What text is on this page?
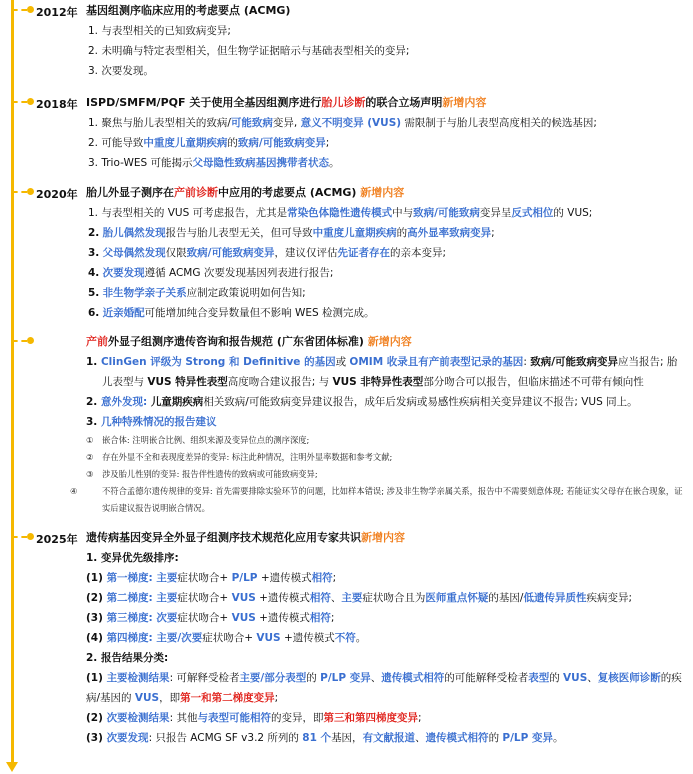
2012年
2018年
2020年
2025年
基因组测序临床应用的考虑要点 (ACMG)
1. 与表型相关的已知致病变异;
2. 未明确与特定表型相关，但生物学证据暗示与基础表型相关的变异;
3. 次要发现。
ISPD/SMFM/PQF 关于使用全基因组测序进行胎儿诊断的联合立场声明新增内容
1. 聚焦与胎儿表型相关的致病/可能致病变异, 意义不明变异 (VUS) 需限制于与胎儿表型高度相关的候选基因;
2. 可能导致中重度儿童期疾病的致病/可能致病变异;
3. Trio-WES 可能揭示父母隐性致病基因携带者状态。
胎儿外显子测序在产前诊断中应用的考虑要点 (ACMG) 新增内容
1. 与表型相关的 VUS 可考虑报告，尤其是常染色体隐性遗传模式中与致病/可能致病变异呈反式相位的 VUS;
2. 胎儿偶然发现报告与胎儿表型无关，但可导致中重度儿童期疾病的高外显率致病变异;
3. 父母偶然发现仅限致病/可能致病变异，建议仅评估先证者存在的亲本变异;
4. 次要发现遵循 ACMG 次要发现基因列表进行报告;
5. 非生物学亲子关系应制定政策说明如何告知;
6. 近亲婚配可能增加纯合变异数量但不影响 WES 检测完成。
产前外显子组测序遗传咨询和报告规范 (广东省团体标准) 新增内容
1. ClinGen 评级为 Strong 和 Definitive 的基因或 OMIM 收录且有产前表型记录的基因: 致病/可能致病变异应当报告; 胎儿表型与 VUS 特异性表型高度吻合建议报告; 与 VUS 非特异性表型部分吻合可以报告，但临床描述不可带有倾向性
2. 意外发现: 儿童期疾病相关致病/可能致病变异建议报告，成年后发病或易感性疾病相关变异建议不报告; VUS 同上。
3. 几种特殊情况的报告建议
① 嵌合体: 注明嵌合比例、组织来源及变异位点的测序深度;
② 存在外显不全和表现度差异的变异: 标注此种情况，注明外显率数据和参考文献;
③ 涉及胎儿性别的变异: 报告伴性遗传的致病或可能致病变异;
④	不符合孟德尔遗传规律的变异: 首先需要排除实验环节的问题，比如样本错误; 涉及非生物学亲属关系，报告中不需要刻意体现; 若能证实父母存在嵌合现象，证实后建议报告说明嵌合情况。
遗传病基因变异全外显子组测序技术规范化应用专家共识新增内容
1. 变异优先级排序:
(1) 第一梯度: 主要症状吻合+ P/LP +遗传模式相符;
(2) 第二梯度: 主要症状吻合+ VUS +遗传模式相符、主要症状吻合且为医师重点怀疑的基因/低遗传异质性疾病变异;
(3) 第三梯度: 次要症状吻合+ VUS +遗传模式相符;
(4) 第四梯度: 主要/次要症状吻合+ VUS +遗传模式不符。
2. 报告结果分类:
(1) 主要检测结果: 可解释受检者主要/部分表型的 P/LP 变异、遗传模式相符的可能解释受检者表型的 VUS、复核医师诊断的疾病/基因的 VUS，即第一和第二梯度变异;
(2) 次要检测结果: 其他与表型可能相符的变异，即第三和第四梯度变异;
(3) 次要发现: 只报告 ACMG SF v3.2 所列的 81 个基因，有文献报道、遗传模式相符的 P/LP 变异。
